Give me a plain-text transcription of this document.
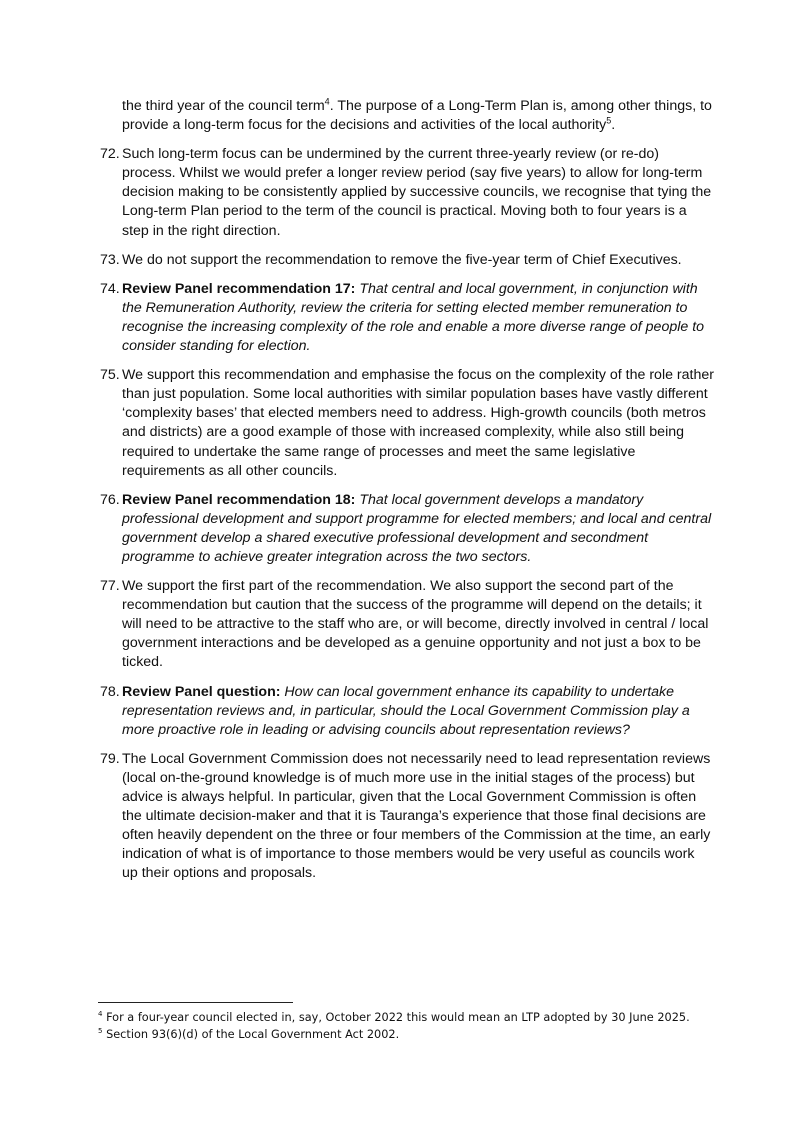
the third year of the council term$^4$. The purpose of a Long-Term Plan is, among other things, to provide a long-term focus for the decisions and activities of the local authority$^5$.

72. Such long-term focus can be undermined by the current three-yearly review (or re-do) process. Whilst we would prefer a longer review period (say five years) to allow for long-term decision making to be consistently applied by successive councils, we recognise that tying the Long-term Plan period to the term of the council is practical. Moving both to four years is a step in the right direction.
73. We do not support the recommendation to remove the five-year term of Chief Executives.
74. Review Panel recommendation 17: That central and local government, in conjunction with the Remuneration Authority, review the criteria for setting elected member remuneration to recognise the increasing complexity of the role and enable a more diverse range of people to consider standing for election.
75. We support this recommendation and emphasise the focus on the complexity of the role rather than just population. Some local authorities with similar population bases have vastly different ‘complexity bases’ that elected members need to address. High-growth councils (both metros and districts) are a good example of those with increased complexity, while also still being required to undertake the same range of processes and meet the same legislative requirements as all other councils.
76. Review Panel recommendation 18: That local government develops a mandatory professional development and support programme for elected members; and local and central government develop a shared executive professional development and secondment programme to achieve greater integration across the two sectors.
77. We support the first part of the recommendation. We also support the second part of the recommendation but caution that the success of the programme will depend on the details; it will need to be attractive to the staff who are, or will become, directly involved in central / local government interactions and be developed as a genuine opportunity and not just a box to be ticked.
78. Review Panel question: How can local government enhance its capability to undertake representation reviews and, in particular, should the Local Government Commission play a more proactive role in leading or advising councils about representation reviews?
79. The Local Government Commission does not necessarily need to lead representation reviews (local on-the-ground knowledge is of much more use in the initial stages of the process) but advice is always helpful. In particular, given that the Local Government Commission is often the ultimate decision-maker and that it is Tauranga’s experience that those final decisions are often heavily dependent on the three or four members of the Commission at the time, an early indication of what is of importance to those members would be very useful as councils work up their options and proposals.
$^4$ For a four-year council elected in, say, October 2022 this would mean an LTP adopted by 30 June 2025.
$^5$ Section 93(6)(d) of the Local Government Act 2002.
